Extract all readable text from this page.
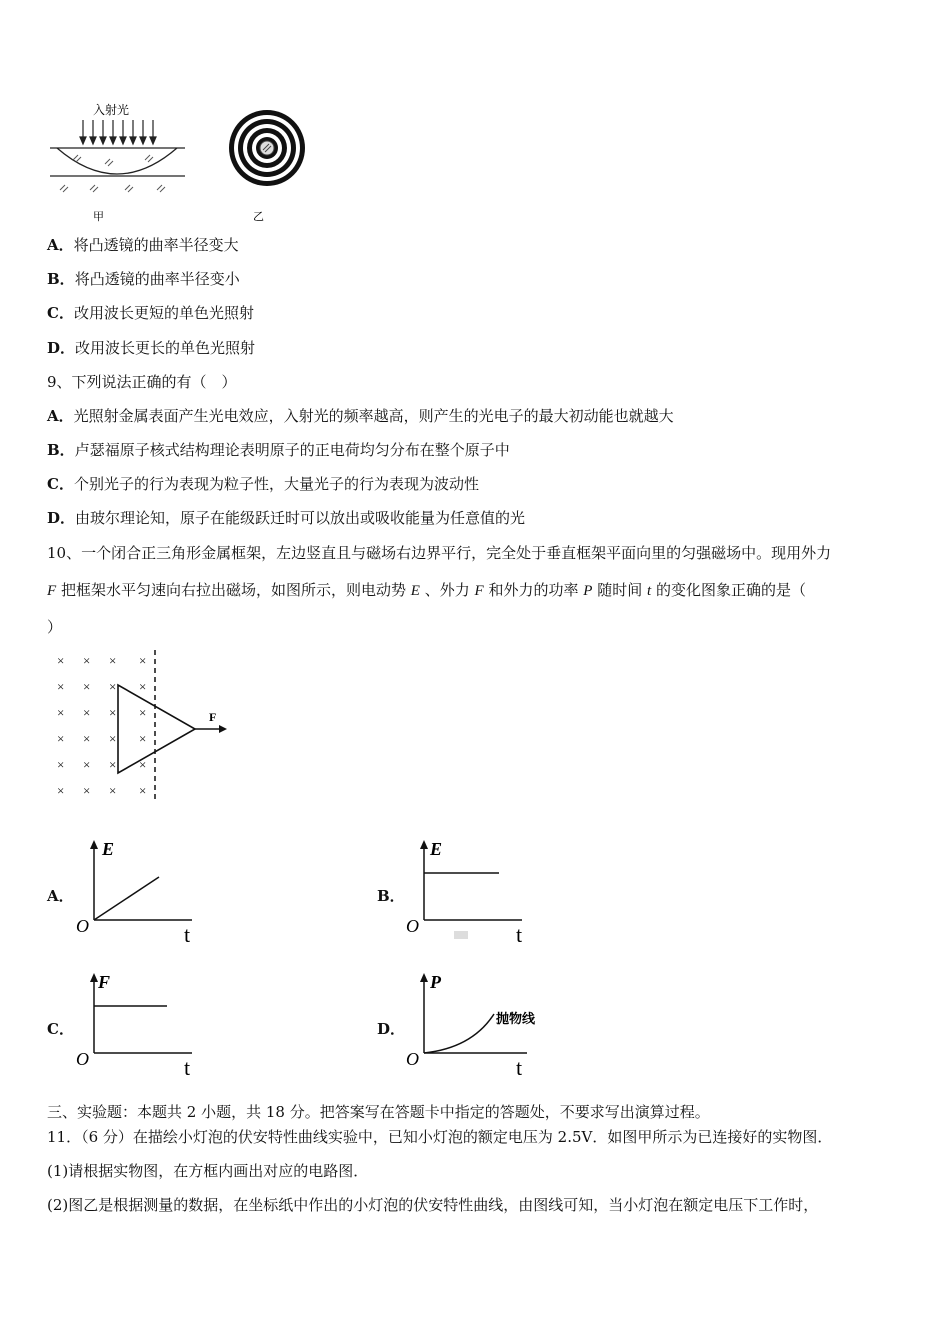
入射光
甲	乙
A．将凸透镜的曲率半径变大
B．将凸透镜的曲率半径变小
C．改用波长更短的单色光照射
D．改用波长更长的单色光照射
9、下列说法正确的有（　）
A．光照射金属表面产生光电效应，入射光的频率越高，则产生的光电子的最大初动能也就越大
B．卢瑟福原子核式结构理论表明原子的正电荷均匀分布在整个原子中
C．个别光子的行为表现为粒子性，大量光子的行为表现为波动性
D．由玻尔理论知，原子在能级跃迁时可以放出或吸收能量为任意值的光
10、一个闭合正三角形金属框架，左边竖直且与磁场右边界平行，完全处于垂直框架平面向里的匀强磁场中。现用外力
F 把框架水平匀速向右拉出磁场，如图所示，则电动势 E 、外力 F 和外力的功率 P 随时间 t 的变化图象正确的是（
）
× × × ×
× × × ×
× × × ×
× × × ×
× × × ×
× × × ×
F
A．
E
O	t
B．
E
O	t
C．
F
O	t
D．
P
O	t
抛物线
三、实验题：本题共 2 小题，共 18 分。把答案写在答题卡中指定的答题处，不要求写出演算过程。
11．（6 分）在描绘小灯泡的伏安特性曲线实验中，已知小灯泡的额定电压为 2.5V．如图甲所示为已连接好的实物图．
(1)请根据实物图，在方框内画出对应的电路图．
(2)图乙是根据测量的数据，在坐标纸中作出的小灯泡的伏安特性曲线，由图线可知，当小灯泡在额定电压下工作时，
